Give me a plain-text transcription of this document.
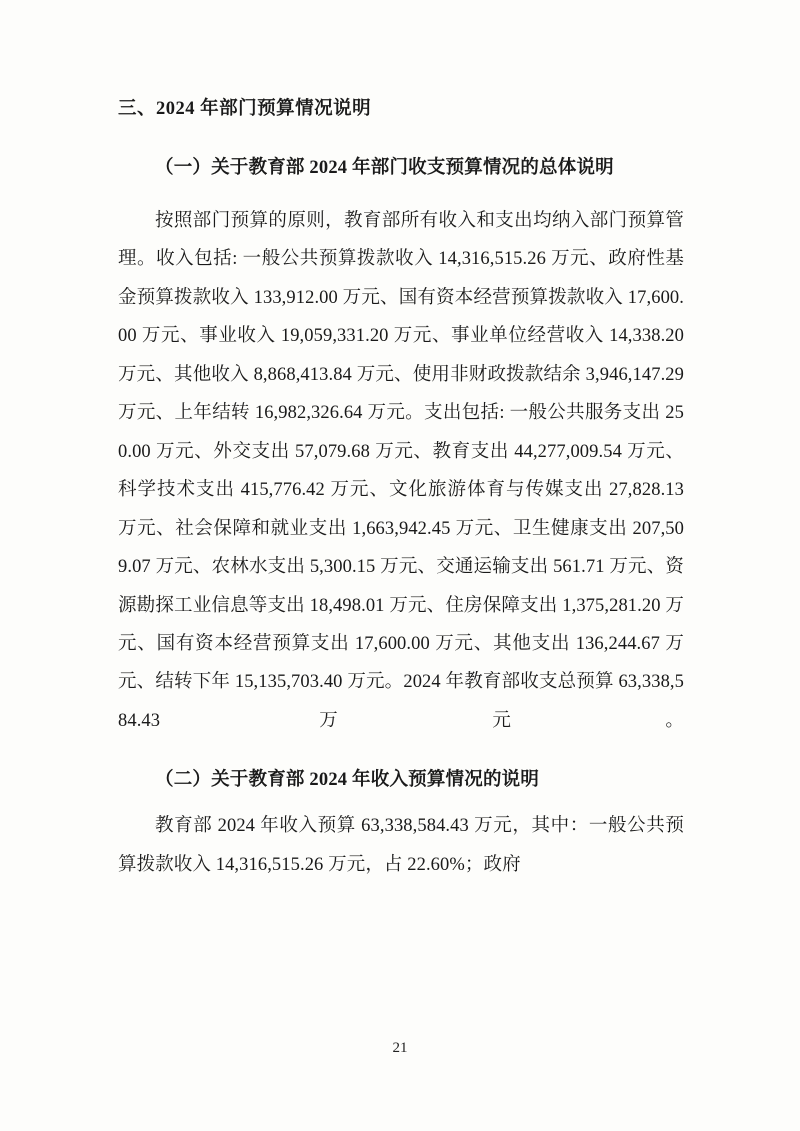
三、2024 年部门预算情况说明
（一）关于教育部 2024 年部门收支预算情况的总体说明

按照部门预算的原则，教育部所有收入和支出均纳入部门预算管理。收入包括: 一般公共预算拨款收入 14,316,515.26 万元、政府性基金预算拨款收入 133,912.00 万元、国有资本经营预算拨款收入 17,600.00 万元、事业收入 19,059,331.20 万元、事业单位经营收入 14,338.20 万元、其他收入 8,868,413.84 万元、使用非财政拨款结余 3,946,147.29 万元、上年结转 16,982,326.64 万元。支出包括: 一般公共服务支出 250.00 万元、外交支出 57,079.68 万元、教育支出 44,277,009.54 万元、科学技术支出 415,776.42 万元、文化旅游体育与传媒支出 27,828.13 万元、社会保障和就业支出 1,663,942.45 万元、卫生健康支出 207,509.07 万元、农林水支出 5,300.15 万元、交通运输支出 561.71 万元、资源勘探工业信息等支出 18,498.01 万元、住房保障支出 1,375,281.20 万元、国有资本经营预算支出 17,600.00 万元、其他支出 136,244.67 万元、结转下年 15,135,703.40 万元。2024 年教育部收支总预算 63,338,584.43 万元。

（二）关于教育部 2024 年收入预算情况的说明

教育部 2024 年收入预算 63,338,584.43 万元，其中：一般公共预算拨款收入 14,316,515.26 万元，占 22.60%；政府

21
